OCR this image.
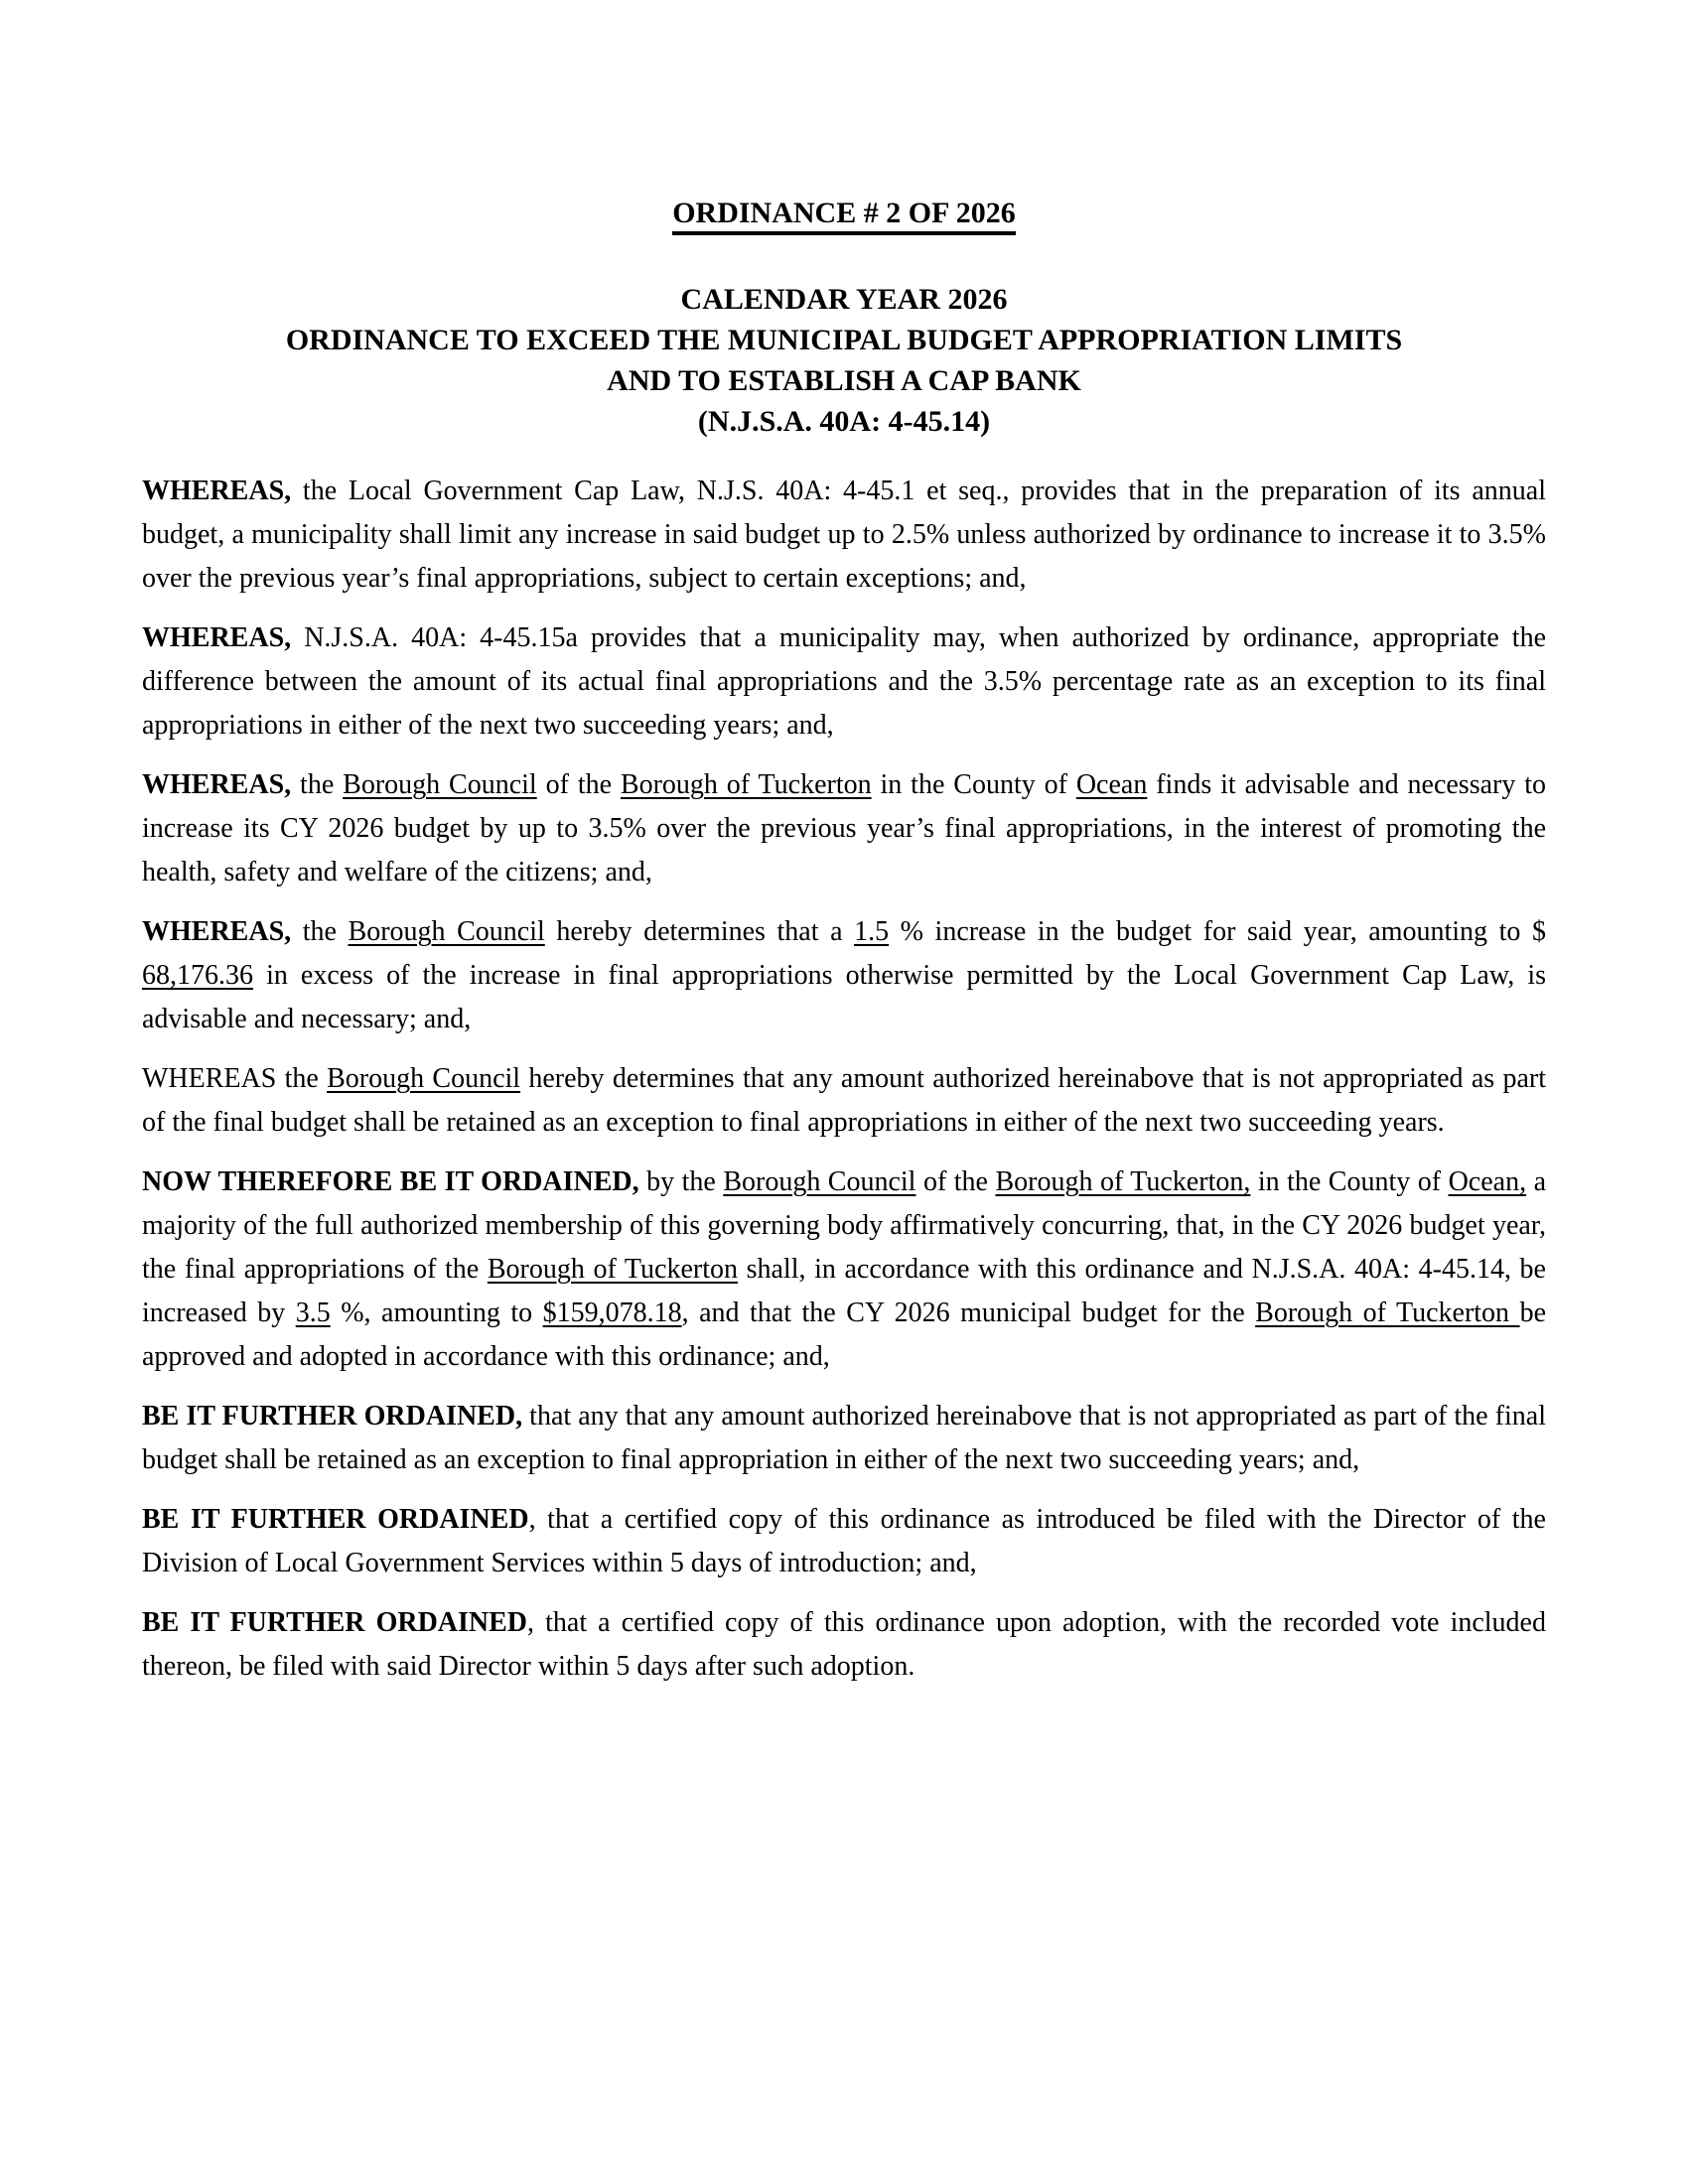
ORDINANCE # 2 OF 2026
CALENDAR YEAR 2026
ORDINANCE TO EXCEED THE MUNICIPAL BUDGET APPROPRIATION LIMITS
AND TO ESTABLISH A CAP BANK
(N.J.S.A. 40A: 4-45.14)

WHEREAS, the Local Government Cap Law, N.J.S. 40A: 4-45.1 et seq., provides that in the preparation of its annual budget, a municipality shall limit any increase in said budget up to 2.5% unless authorized by ordinance to increase it to 3.5% over the previous year’s final appropriations, subject to certain exceptions; and,

WHEREAS, N.J.S.A. 40A: 4-45.15a provides that a municipality may, when authorized by ordinance, appropriate the difference between the amount of its actual final appropriations and the 3.5% percentage rate as an exception to its final appropriations in either of the next two succeeding years; and,

WHEREAS, the Borough Council of the Borough of Tuckerton in the County of Ocean finds it advisable and necessary to increase its CY 2026 budget by up to 3.5% over the previous year’s final appropriations, in the interest of promoting the health, safety and welfare of the citizens; and,

WHEREAS, the Borough Council hereby determines that a 1.5 % increase in the budget for said year, amounting to $ 68,176.36 in excess of the increase in final appropriations otherwise permitted by the Local Government Cap Law, is advisable and necessary; and,

WHEREAS the Borough Council hereby determines that any amount authorized hereinabove that is not appropriated as part of the final budget shall be retained as an exception to final appropriations in either of the next two succeeding years.

NOW THEREFORE BE IT ORDAINED, by the Borough Council of the Borough of Tuckerton, in the County of Ocean, a majority of the full authorized membership of this governing body affirmatively concurring, that, in the CY 2026 budget year, the final appropriations of the Borough of Tuckerton shall, in accordance with this ordinance and N.J.S.A. 40A: 4-45.14, be increased by 3.5 %, amounting to $159,078.18, and that the CY 2026 municipal budget for the Borough of Tuckerton be approved and adopted in accordance with this ordinance; and,

BE IT FURTHER ORDAINED, that any that any amount authorized hereinabove that is not appropriated as part of the final budget shall be retained as an exception to final appropriation in either of the next two succeeding years; and,

BE IT FURTHER ORDAINED, that a certified copy of this ordinance as introduced be filed with the Director of the Division of Local Government Services within 5 days of introduction; and,

BE IT FURTHER ORDAINED, that a certified copy of this ordinance upon adoption, with the recorded vote included thereon, be filed with said Director within 5 days after such adoption.
